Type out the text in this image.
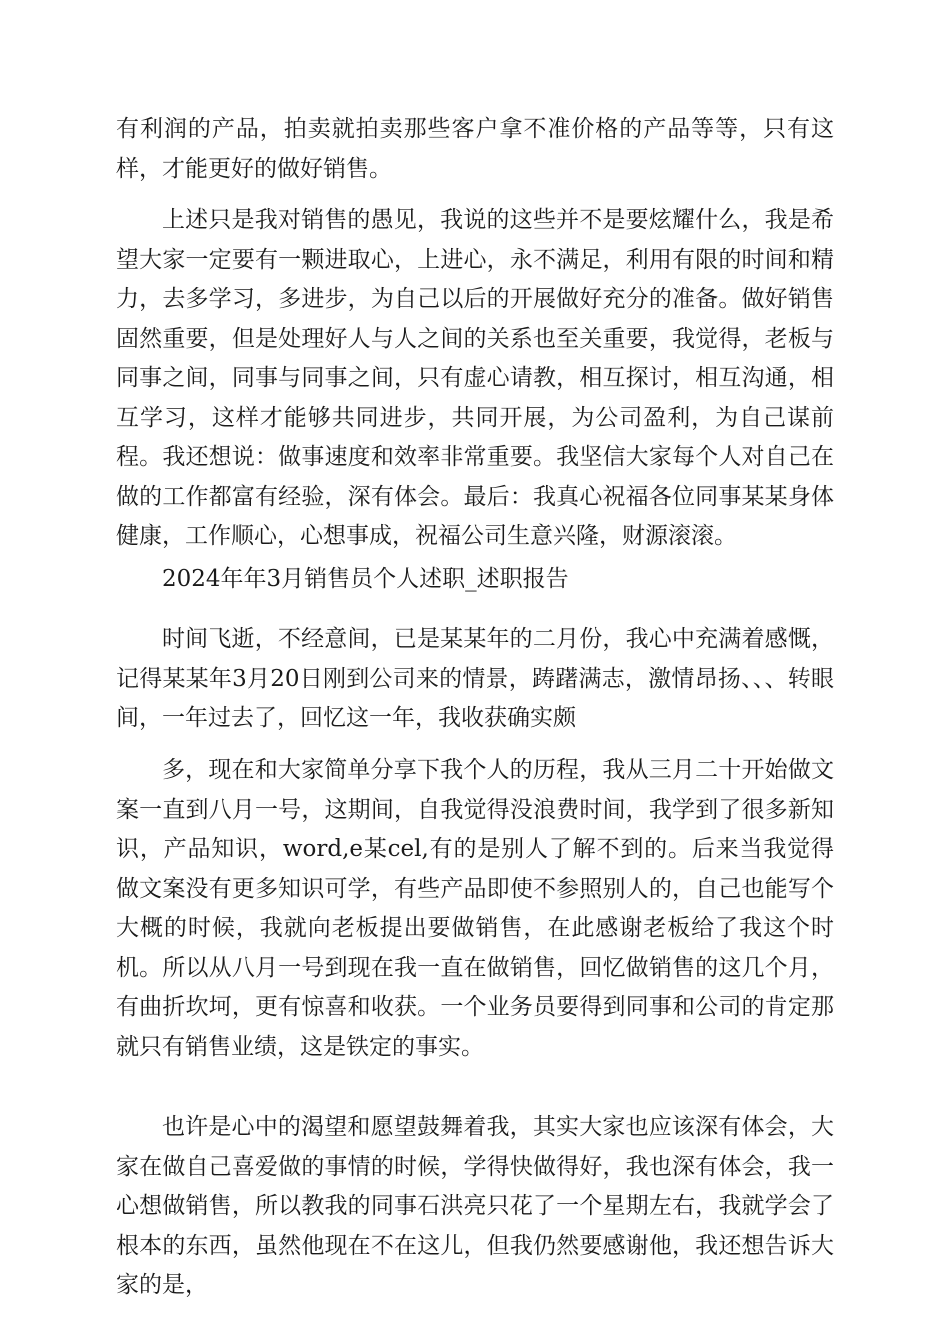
有利润的产品，拍卖就拍卖那些客户拿不准价格的产品等等，只有这样，才能更好的做好销售。

上述只是我对销售的愚见，我说的这些并不是要炫耀什么，我是希望大家一定要有一颗进取心，上进心，永不满足，利用有限的时间和精力，去多学习，多进步，为自己以后的开展做好充分的准备。做好销售固然重要，但是处理好人与人之间的关系也至关重要，我觉得，老板与同事之间，同事与同事之间，只有虚心请教，相互探讨，相互沟通，相互学习，这样才能够共同进步，共同开展，为公司盈利，为自己谋前程。我还想说：做事速度和效率非常重要。我坚信大家每个人对自己在做的工作都富有经验，深有体会。最后：我真心祝福各位同事某某身体健康，工作顺心，心想事成，祝福公司生意兴隆，财源滚滚。

2024年年3月销售员个人述职_述职报告

时间飞逝，不经意间，已是某某年的二月份，我心中充满着感慨，记得某某年3月20日刚到公司来的情景，踌躇满志，激情昂扬、、、转眼间，一年过去了，回忆这一年，我收获确实颇

多，现在和大家简单分享下我个人的历程，我从三月二十开始做文案一直到八月一号，这期间，自我觉得没浪费时间，我学到了很多新知识，产品知识，word,e某cel,有的是别人了解不到的。后来当我觉得做文案没有更多知识可学，有些产品即使不参照别人的，自己也能写个大概的时候，我就向老板提出要做销售，在此感谢老板给了我这个时机。所以从八月一号到现在我一直在做销售，回忆做销售的这几个月，有曲折坎坷，更有惊喜和收获。一个业务员要得到同事和公司的肯定那就只有销售业绩，这是铁定的事实。

也许是心中的渴望和愿望鼓舞着我，其实大家也应该深有体会，大家在做自己喜爱做的事情的时候，学得快做得好，我也深有体会，我一心想做销售，所以教我的同事石洪亮只花了一个星期左右，我就学会了根本的东西，虽然他现在不在这儿，但我仍然要感谢他，我还想告诉大家的是，
